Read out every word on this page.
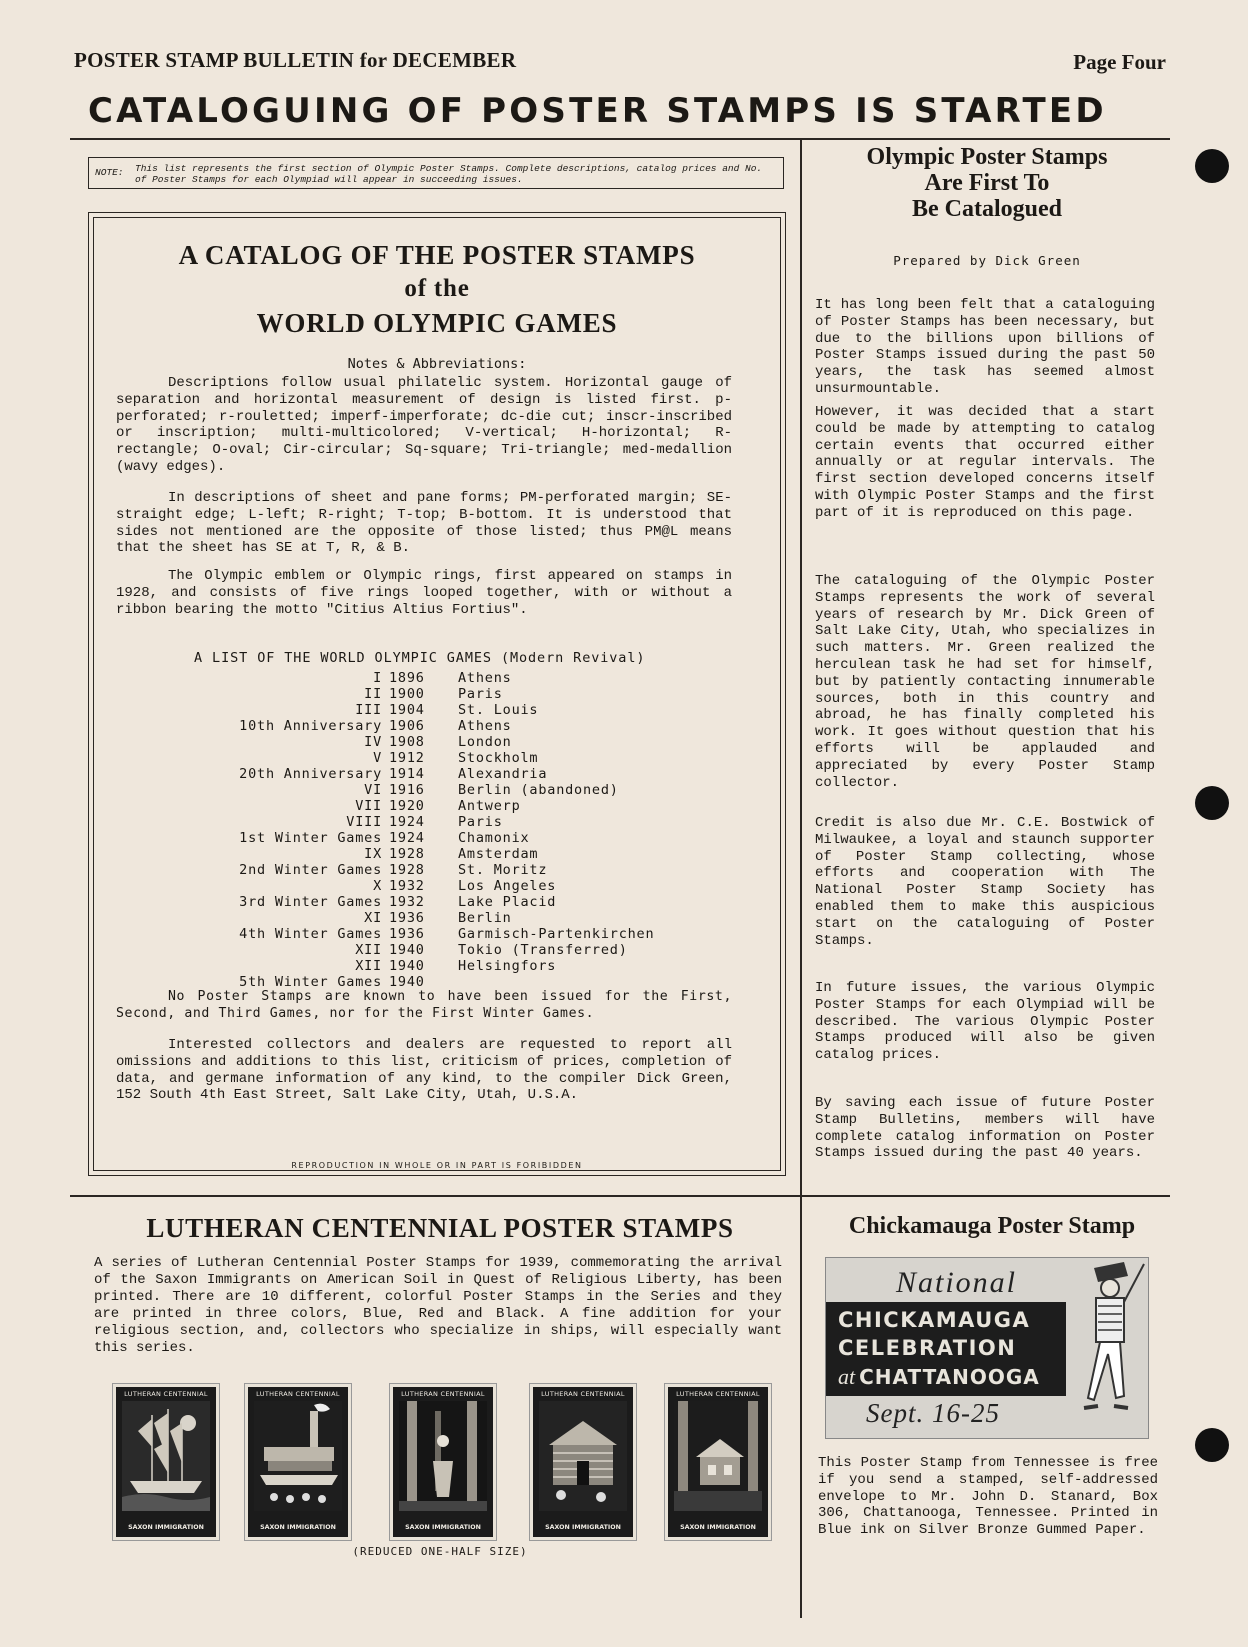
POSTER STAMP BULLETIN for DECEMBER	Page Four
CATALOGUING OF POSTER STAMPS IS STARTED
NOTE: This list represents the first section of Olympic Poster Stamps. Complete descriptions, catalog prices and No. of Poster Stamps for each Olympiad will appear in succeeding issues.
A CATALOG OF THE POSTER STAMPS
of the
WORLD OLYMPIC GAMES
Notes & Abbreviations:

Descriptions follow usual philatelic system. Horizontal gauge of separation and horizontal measurement of design is listed first. p-perforated; r-rouletted; imperf-imperforate; dc-die cut; inscr-inscribed or inscription; multi-multicolored; V-vertical; H-horizontal; R-rectangle; O-oval; Cir-circular; Sq-square; Tri-triangle; med-medallion (wavy edges).

In descriptions of sheet and pane forms; PM-perforated margin; SE-straight edge; L-left; R-right; T-top; B-bottom. It is understood that sides not mentioned are the opposite of those listed; thus PM@L means that the sheet has SE at T, R, & B.

The Olympic emblem or Olympic rings, first appeared on stamps in 1928, and consists of five rings looped together, with or without a ribbon bearing the motto "Citius Altius Fortius".

A LIST OF THE WORLD OLYMPIC GAMES (Modern Revival)
I 1896 Athens
II 1900 Paris
III 1904 St. Louis
10th Anniversary 1906 Athens
IV 1908 London
V 1912 Stockholm
20th Anniversary 1914 Alexandria
VI 1916 Berlin (abandoned)
VII 1920 Antwerp
VIII 1924 Paris
1st Winter Games 1924 Chamonix
IX 1928 Amsterdam
2nd Winter Games 1928 St. Moritz
X 1932 Los Angeles
3rd Winter Games 1932 Lake Placid
XI 1936 Berlin
4th Winter Games 1936 Garmisch-Partenkirchen
XII 1940 Tokio (Transferred)
XII 1940 Helsingfors
5th Winter Games 1940

No Poster Stamps are known to have been issued for the First, Second, and Third Games, nor for the First Winter Games.

Interested collectors and dealers are requested to report all omissions and additions to this list, criticism of prices, completion of data, and germane information of any kind, to the compiler Dick Green, 152 South 4th East Street, Salt Lake City, Utah, U.S.A.

REPRODUCTION IN WHOLE OR IN PART IS FORIBIDDEN
Olympic Poster Stamps
Are First To
Be Catalogued
Prepared by Dick Green

It has long been felt that a cataloguing of Poster Stamps has been necessary, but due to the billions upon billions of Poster Stamps issued during the past 50 years, the task has seemed almost unsurmountable.

However, it was decided that a start could be made by attempting to catalog certain events that occurred either annually or at regular intervals. The first section developed concerns itself with Olympic Poster Stamps and the first part of it is reproduced on this page.

The cataloguing of the Olympic Poster Stamps represents the work of several years of research by Mr. Dick Green of Salt Lake City, Utah, who specializes in such matters. Mr. Green realized the herculean task he had set for himself, but by patiently contacting innumerable sources, both in this country and abroad, he has finally completed his work. It goes without question that his efforts will be applauded and appreciated by every Poster Stamp collector.

Credit is also due Mr. C.E. Bostwick of Milwaukee, a loyal and staunch supporter of Poster Stamp collecting, whose efforts and cooperation with The National Poster Stamp Society has enabled them to make this auspicious start on the cataloguing of Poster Stamps.

In future issues, the various Olympic Poster Stamps for each Olympiad will be described. The various Olympic Poster Stamps produced will also be given catalog prices.

By saving each issue of future Poster Stamp Bulletins, members will have complete catalog information on Poster Stamps issued during the past 40 years.

LUTHERAN CENTENNIAL POSTER STAMPS

A series of Lutheran Centennial Poster Stamps for 1939, commemorating the arrival of the Saxon Immigrants on American Soil in Quest of Religious Liberty, has been printed. There are 10 different, colorful Poster Stamps in the Series and they are printed in three colors, Blue, Red and Black. A fine addition for your religious section, and, collectors who specialize in ships, will especially want this series.

LUTHERAN CENTENNIAL
SAXON IMMIGRATION
LUTHERAN CENTENNIAL
SAXON IMMIGRATION
LUTHERAN CENTENNIAL
SAXON IMMIGRATION
LUTHERAN CENTENNIAL
SAXON IMMIGRATION
LUTHERAN CENTENNIAL
SAXON IMMIGRATION
(REDUCED ONE-HALF SIZE)
Chickamauga Poster Stamp
National
CHICKAMAUGA
CELEBRATION
at CHATTANOOGA
Sept. 16-25

This Poster Stamp from Tennessee is free if you send a stamped, self-addressed envelope to Mr. John D. Stanard, Box 306, Chattanooga, Tennessee. Printed in Blue ink on Silver Bronze Gummed Paper.
